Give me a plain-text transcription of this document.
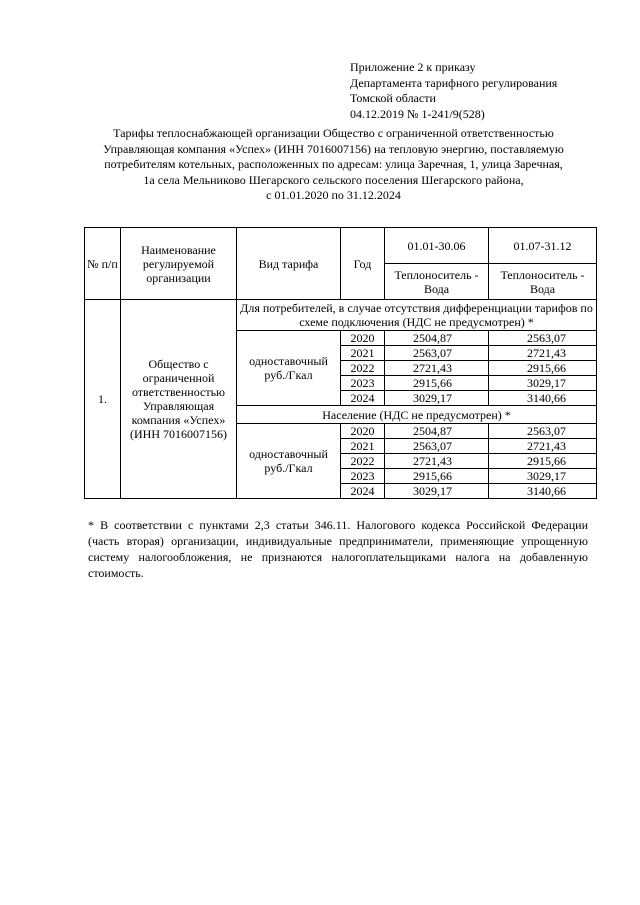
Приложение 2 к приказу
Департамента тарифного регулирования
Томской области
04.12.2019 № 1-241/9(528)
Тарифы теплоснабжающей организации Общество с ограниченной ответственностью
Управляющая компания «Успех» (ИНН 7016007156) на тепловую энергию, поставляемую
потребителям котельных, расположенных по адресам: улица Заречная, 1, улица Заречная,
1а села Мельниково Шегарского сельского поселения Шегарского района,
с 01.01.2020 по 31.12.2024
№ п/п	Наименование регулируемой организации	Вид тарифа	Год	01.01-30.06	01.07-31.12
				Теплоноситель - Вода	Теплоноситель - Вода
1.	Общество с ограниченной ответственностью Управляющая компания «Успех» (ИНН 7016007156)	Для потребителей, в случае отсутствия дифференциации тарифов по схеме подключения (НДС не предусмотрен) *			
		одноставочный руб./Гкал	2020	2504,87	2563,07
			2021	2563,07	2721,43
			2022	2721,43	2915,66
			2023	2915,66	3029,17
			2024	3029,17	3140,66
		Население (НДС не предусмотрен) *			
		одноставочный руб./Гкал	2020	2504,87	2563,07
			2021	2563,07	2721,43
			2022	2721,43	2915,66
			2023	2915,66	3029,17
			2024	3029,17	3140,66
* В соответствии с пунктами 2,3 статьи 346.11. Налогового кодекса Российской Федерации (часть вторая) организации, индивидуальные предприниматели, применяющие упрощенную систему налогообложения, не признаются налогоплательщиками налога на добавленную стоимость.
